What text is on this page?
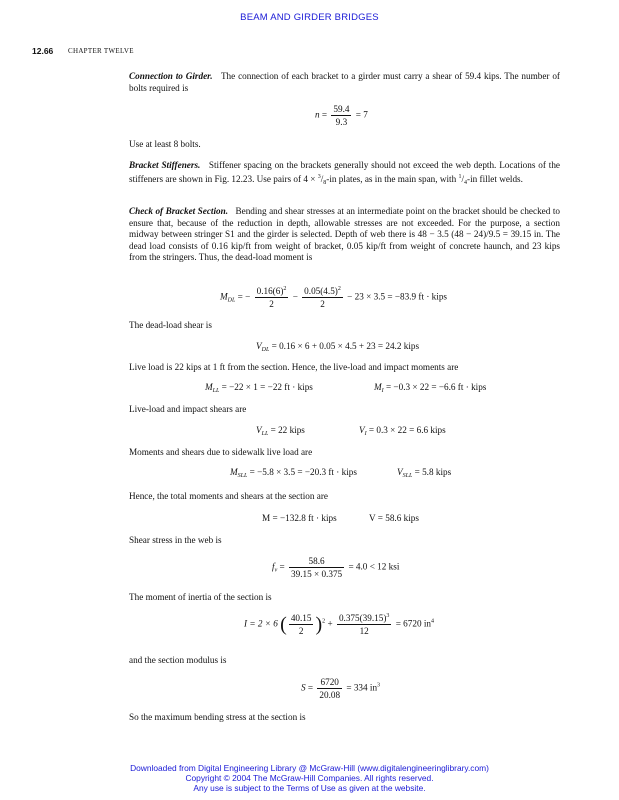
BEAM AND GIRDER BRIDGES
12.66 CHAPTER TWELVE
Connection to Girder. The connection of each bracket to a girder must carry a shear of 59.4 kips. The number of bolts required is
$n = \frac{59.4}{9.3} = 7$
Use at least 8 bolts.
Bracket Stiffeners. Stiffener spacing on the brackets generally should not exceed the web depth. Locations of the stiffeners are shown in Fig. 12.23. Use pairs of $4 \times ^3/_8-in$ plates, as in the main span, with $^1/_4-in$ fillet welds.
Check of Bracket Section. Bending and shear stresses at an intermediate point on the bracket should be checked to ensure that, because of the reduction in depth, allowable stresses are not exceeded. For the purpose, a section midway between stringer S1 and the girder is selected. Depth of web there is 48 − 3.5 (48 − 24)/9.5 = 39.15 in. The dead load consists of 0.16 kip/ft from weight of bracket, 0.05 kip/ft from weight of concrete haunch, and 23 kips from the stringers. Thus, the dead-load moment is
$M_{DL}$ = − $\frac{0.16(6)^2}{2} - \frac{0.05(4.5)^2}{2} - 23 \times 3.5 = -83.9$ ft · kips
The dead-load shear is
$V_{DL} = 0.16 \times 6 + 0.05 \times 4.5 + 23 = 24.2$ kips
Live load is 22 kips at 1 ft from the section. Hence, the live-load and impact moments are
$M_{LL} = -22 \times 1 = -22$ ft · kips	$M_I = -0.3 \times 22 = -6.6$ ft · kips
Live-load and impact shears are
$V_{LL} = 22$ kips	$V_I = 0.3 \times 22 = 6.6$ kips
Moments and shears due to sidewalk live load are
$M_{SLL} = -5.8 \times 3.5 = -20.3$ ft · kips	$V_{SLL} = 5.8$ kips
Hence, the total moments and shears at the section are
M = −132.8 ft · kips	V = 58.6 kips
Shear stress in the web is
$f_v = \frac{58.6}{39.15 \times 0.375} = 4.0 < 12$ ksi
The moment of inertia of the section is
I = 2 × 6 ( $\frac{40.15}{2} )^2 + \frac{0.375(39.15)^3}{12} = 6720$ $in^4$
and the section modulus is
$S = \frac{6720}{20.08} = 334$ $in^3$
So the maximum bending stress at the section is
Downloaded from Digital Engineering Library @ McGraw-Hill (www.digitalengineeringlibrary.com)
Copyright © 2004 The McGraw-Hill Companies. All rights reserved.
Any use is subject to the Terms of Use as given at the website.
